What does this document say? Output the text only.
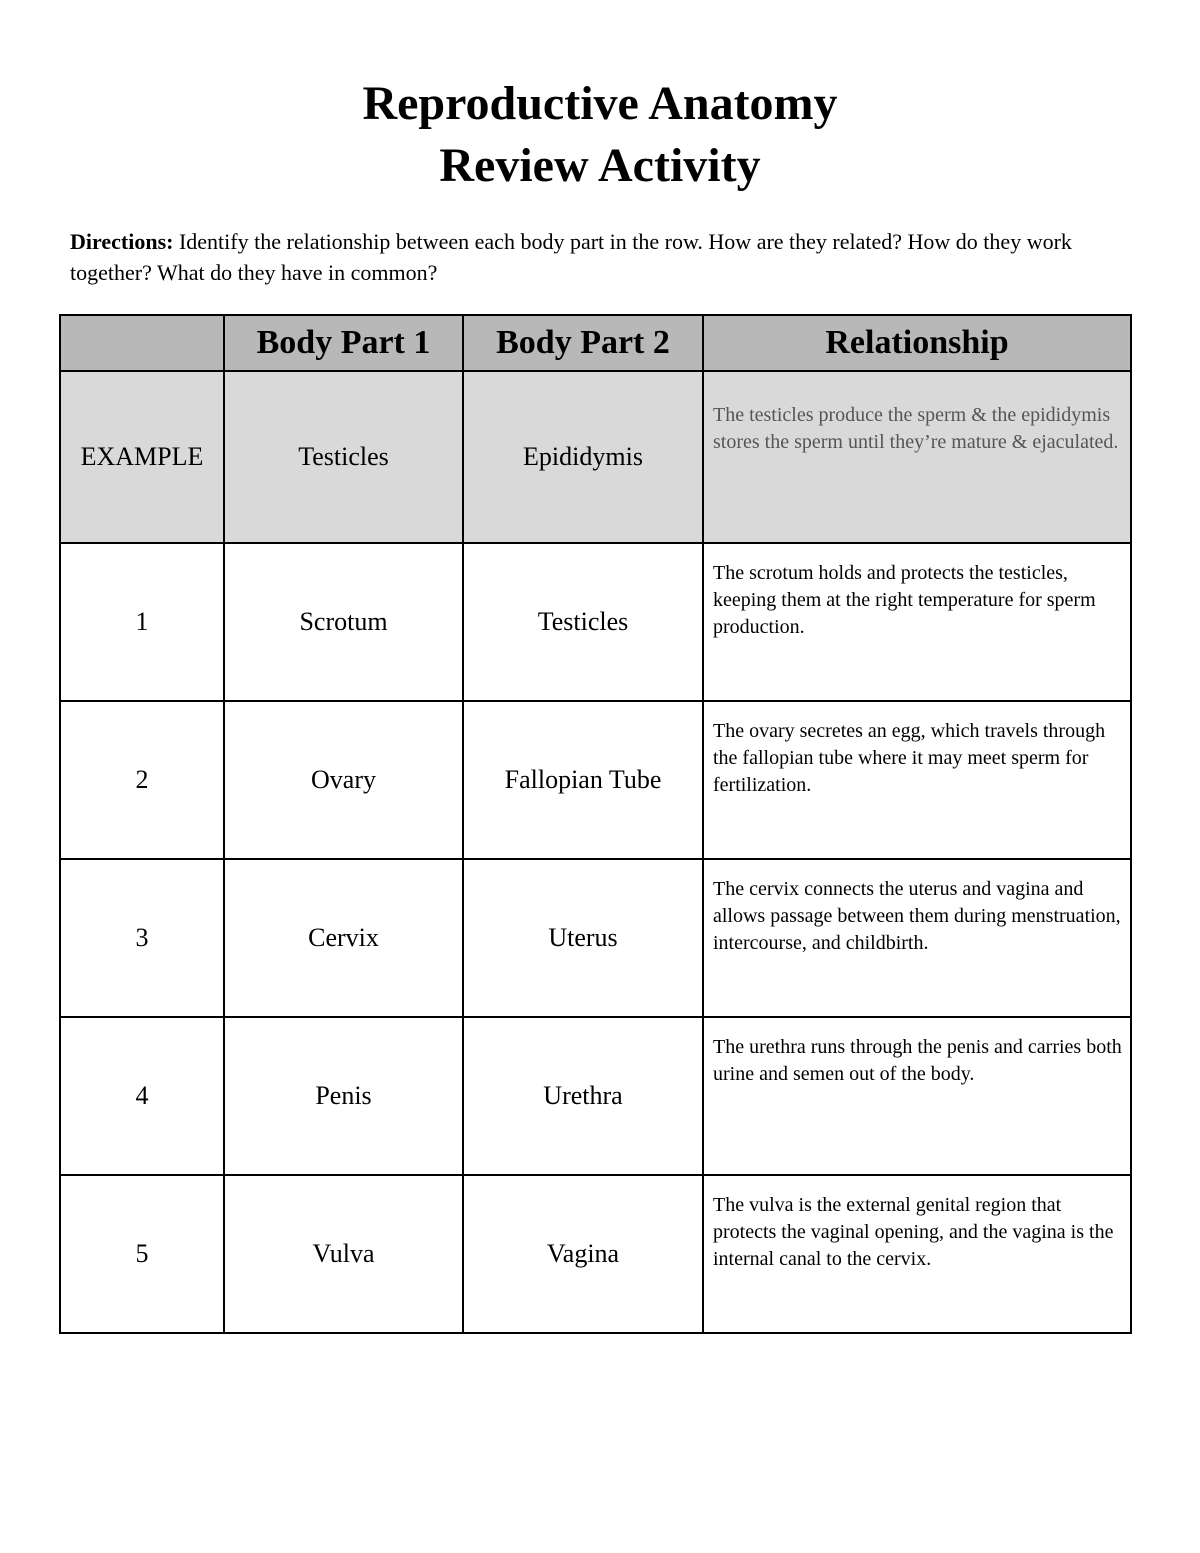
Reproductive Anatomy
Review Activity
Directions: Identify the relationship between each body part in the row. How are they related? How do they work together? What do they have in common?
	Body Part 1	Body Part 2	Relationship
EXAMPLE	Testicles	Epididymis	The testicles produce the sperm & the epididymis stores the sperm until they’re mature & ejaculated.
1	Scrotum	Testicles	The scrotum holds and protects the testicles, keeping them at the right temperature for sperm production.
2	Ovary	Fallopian Tube	The ovary secretes an egg, which travels through the fallopian tube where it may meet sperm for fertilization.
3	Cervix	Uterus	The cervix connects the uterus and vagina and allows passage between them during menstruation, intercourse, and childbirth.
4	Penis	Urethra	The urethra runs through the penis and carries both urine and semen out of the body.
5	Vulva	Vagina	The vulva is the external genital region that protects the vaginal opening, and the vagina is the internal canal to the cervix.
